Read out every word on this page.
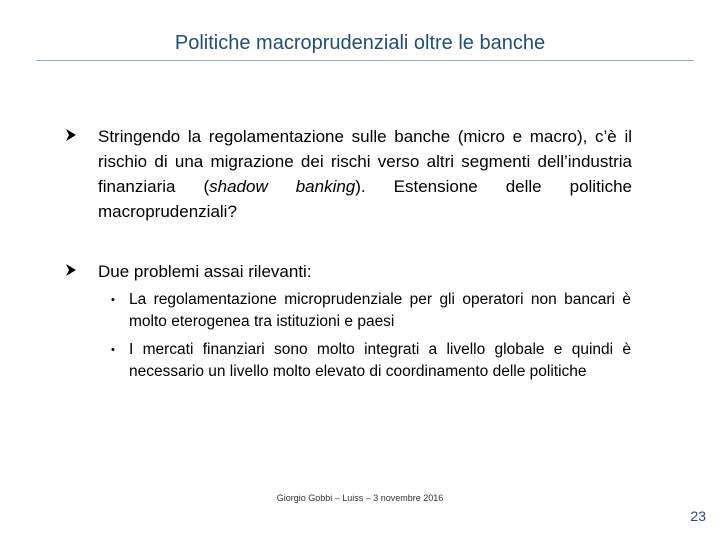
Politiche macroprudenziali oltre le banche
Stringendo la regolamentazione sulle banche (micro e macro), c’è il rischio di una migrazione dei rischi verso altri segmenti dell’industria finanziaria (shadow banking). Estensione delle politiche macroprudenziali?
Due problemi assai rilevanti:
• La regolamentazione microprudenziale per gli operatori non bancari è molto eterogenea tra istituzioni e paesi
• I mercati finanziari sono molto integrati a livello globale e quindi è necessario un livello molto elevato di coordinamento delle politiche
Giorgio Gobbi – Luiss – 3 novembre 2016
23
